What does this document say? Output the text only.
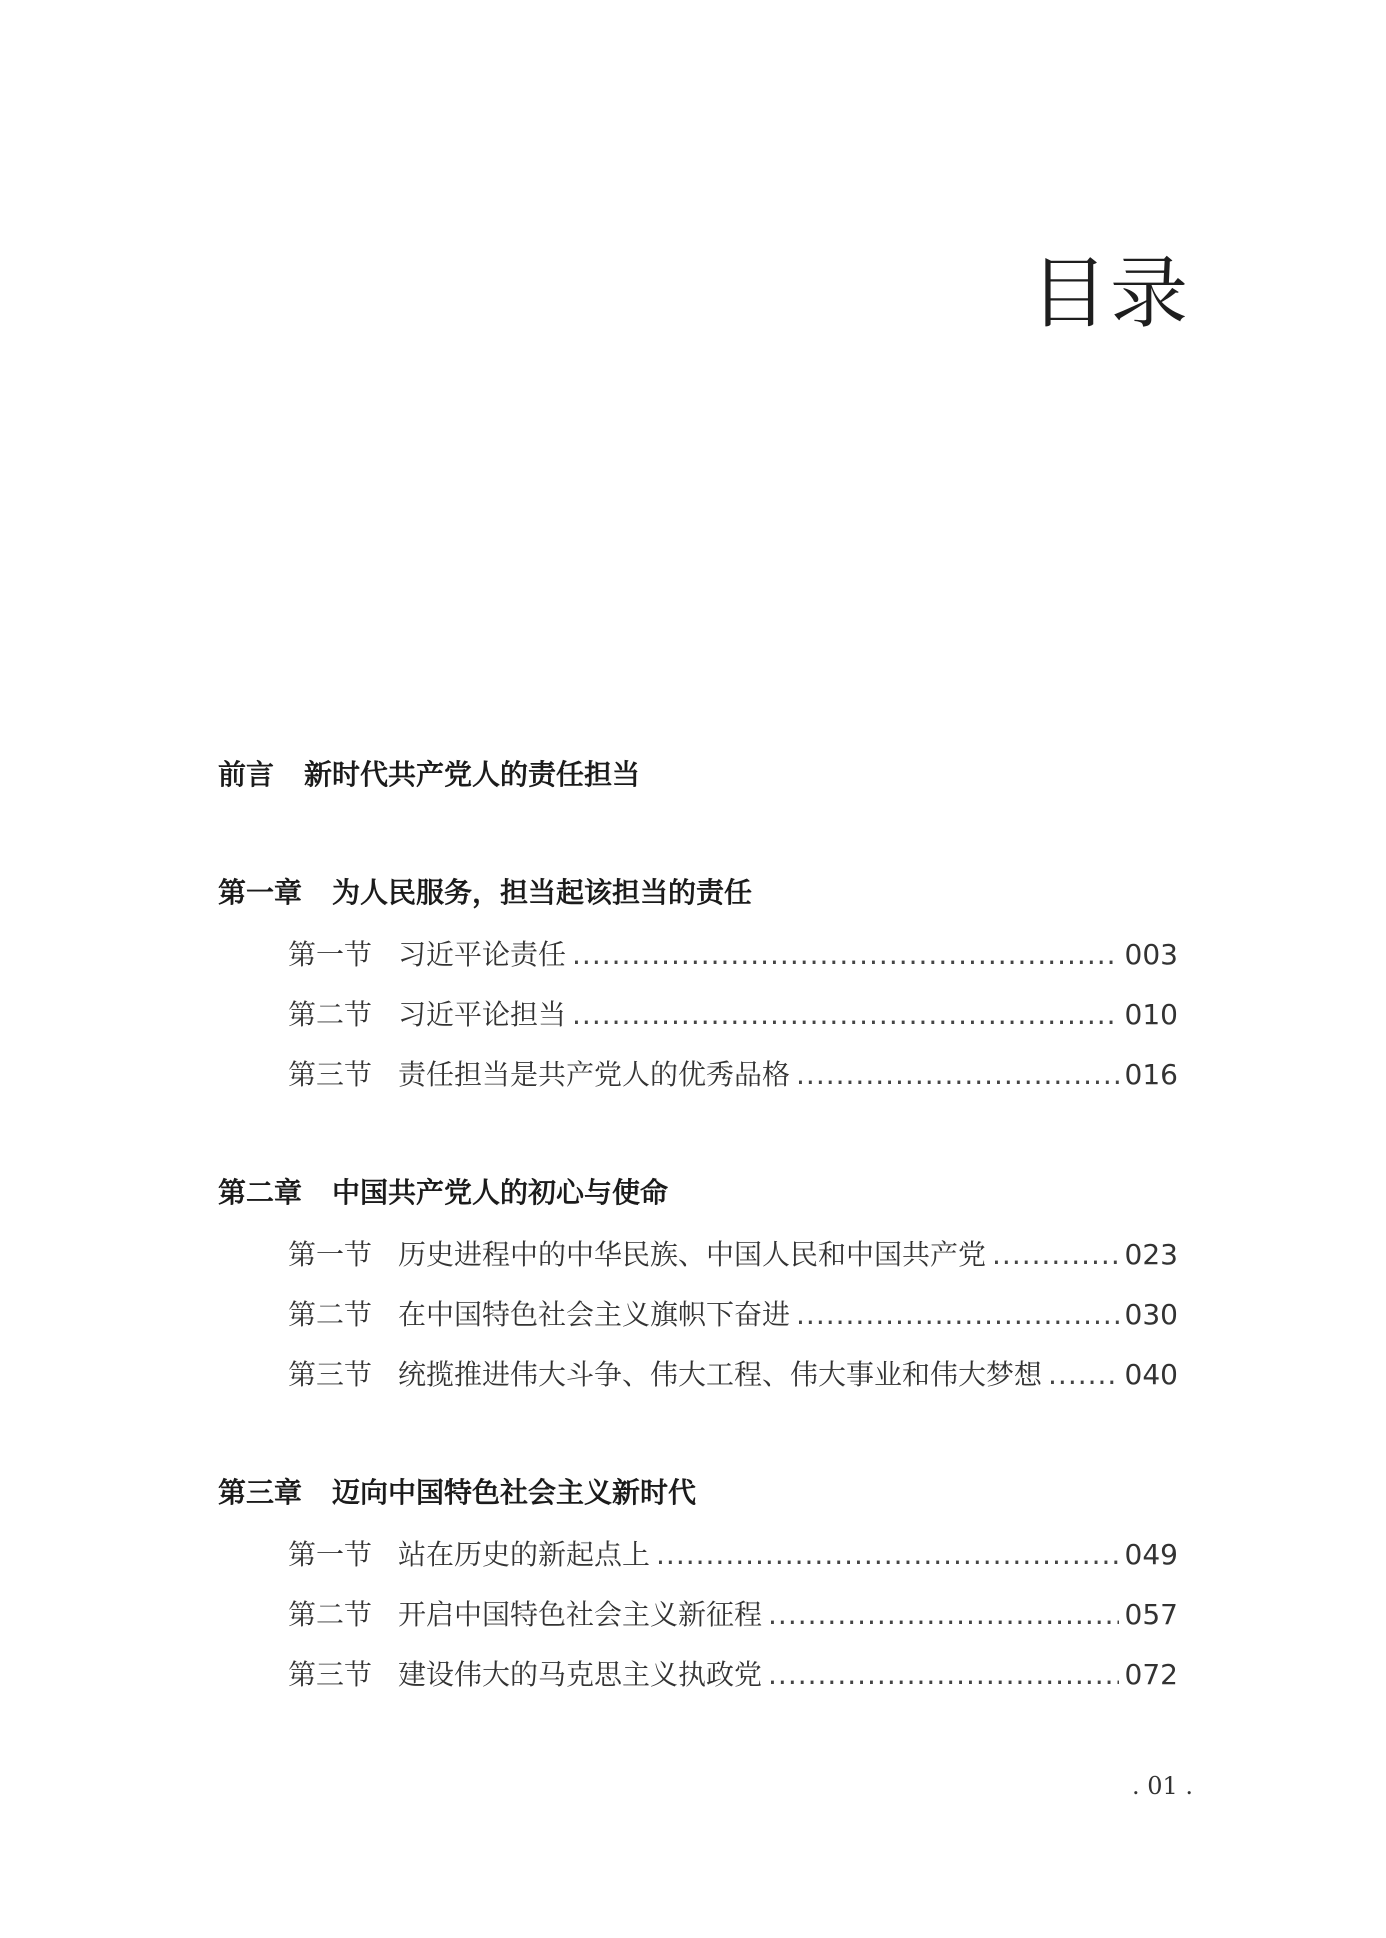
目录
前言 新时代共产党人的责任担当
第一章 为人民服务，担当起该担当的责任
第一节 习近平论责任 .....	003
第二节 习近平论担当 .....	010
第三节 责任担当是共产党人的优秀品格 .....	016
第二章 中国共产党人的初心与使命
第一节 历史进程中的中华民族、中国人民和中国共产党 .....	023
第二节 在中国特色社会主义旗帜下奋进 .....	030
第三节 统揽推进伟大斗争、伟大工程、伟大事业和伟大梦想 .....	040
第三章 迈向中国特色社会主义新时代
第一节 站在历史的新起点上 .....	049
第二节 开启中国特色社会主义新征程 .....	057
第三节 建设伟大的马克思主义执政党 .....	072
. 01 .
